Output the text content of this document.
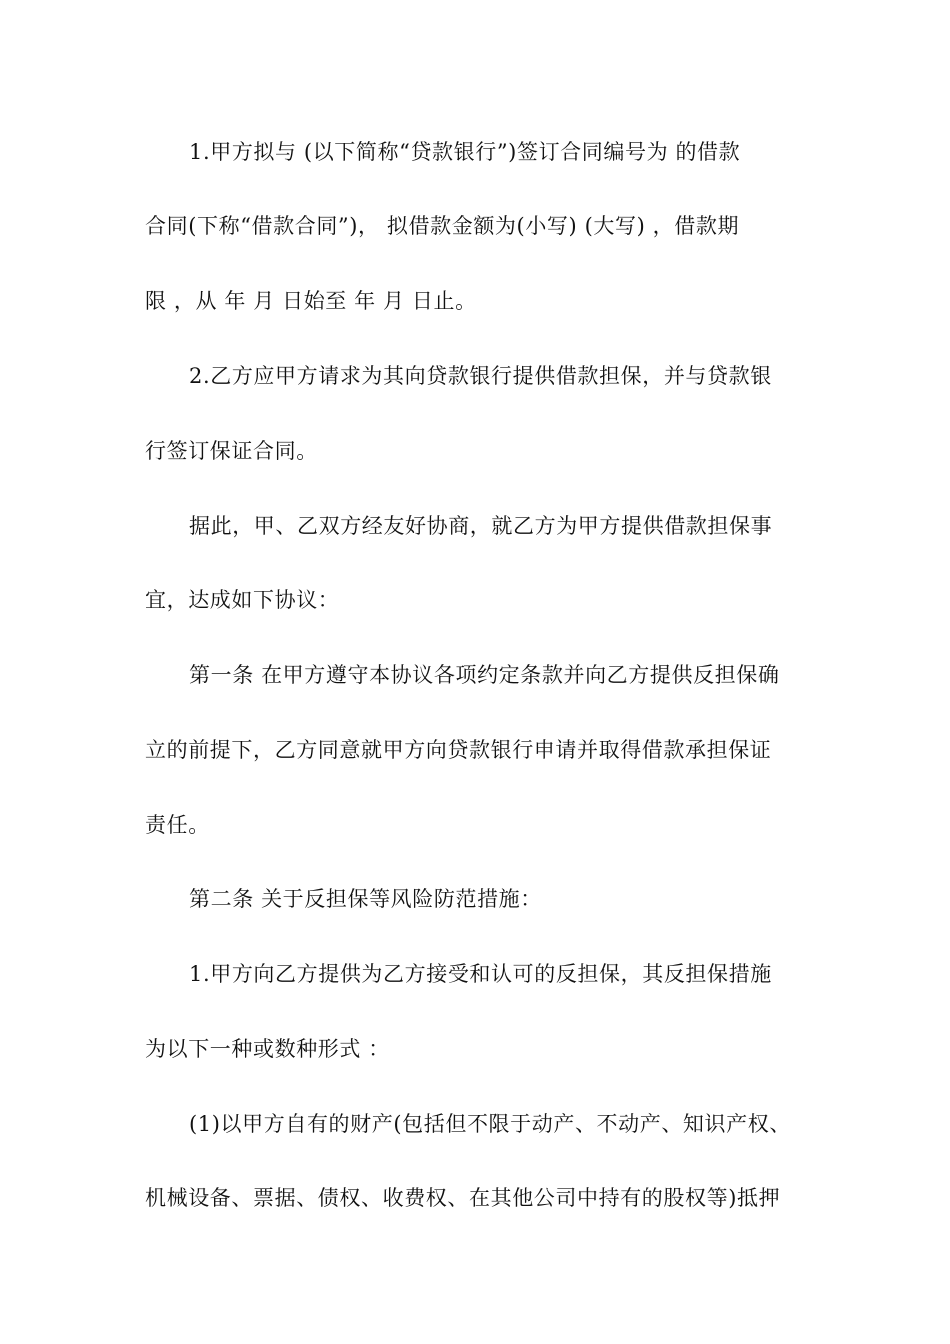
1.甲方拟与 (以下简称“贷款银行”)签订合同编号为 的借款
合同(下称“借款合同”)， 拟借款金额为(小写) (大写) ，借款期
限 ，从 年 月 日始至 年 月 日止。
2.乙方应甲方请求为其向贷款银行提供借款担保，并与贷款银
行签订保证合同。
据此，甲、乙双方经友好协商，就乙方为甲方提供借款担保事
宜，达成如下协议：
第一条 在甲方遵守本协议各项约定条款并向乙方提供反担保确
立的前提下，乙方同意就甲方向贷款银行申请并取得借款承担保证
责任。
第二条 关于反担保等风险防范措施：
1.甲方向乙方提供为乙方接受和认可的反担保，其反担保措施
为以下一种或数种形式 ：
(1)以甲方自有的财产(包括但不限于动产、不动产、知识产权、
机械设备、票据、债权、收费权、在其他公司中持有的股权等)抵押
